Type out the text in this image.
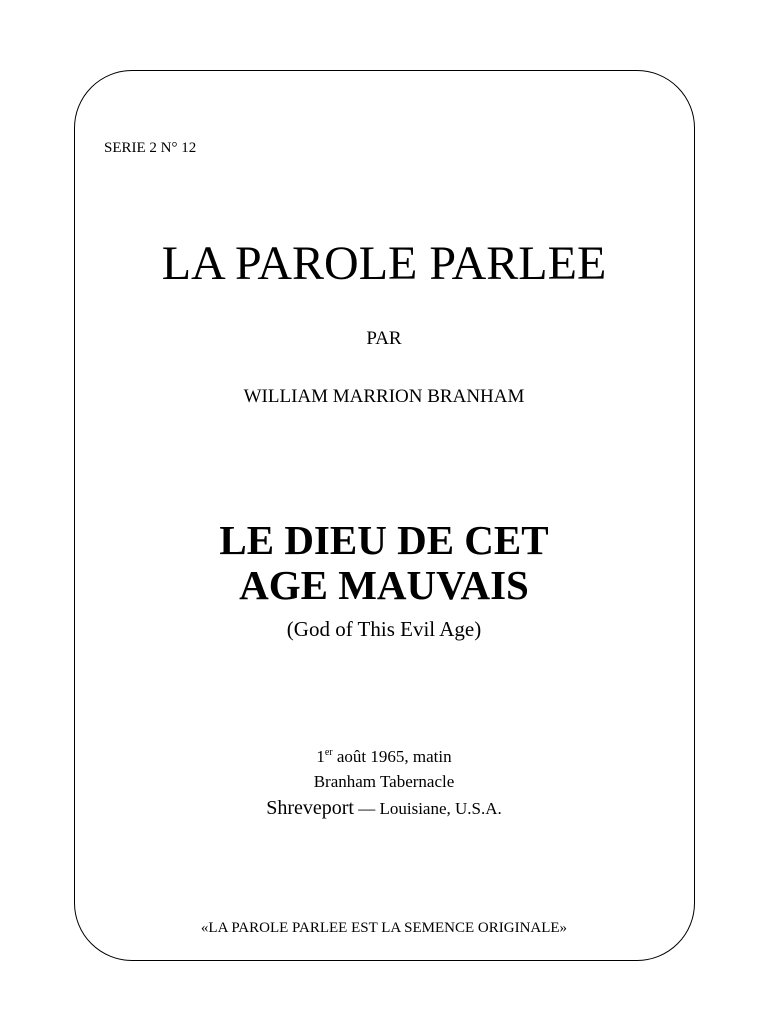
SERIE 2 N° 12
LA PAROLE PARLEE
PAR
WILLIAM MARRION BRANHAM
LE DIEU DE CET
AGE MAUVAIS
(God of This Evil Age)
1er août 1965, matin
Branham Tabernacle
Shreveport — Louisiane, U.S.A.
«LA PAROLE PARLEE EST LA SEMENCE ORIGINALE»
